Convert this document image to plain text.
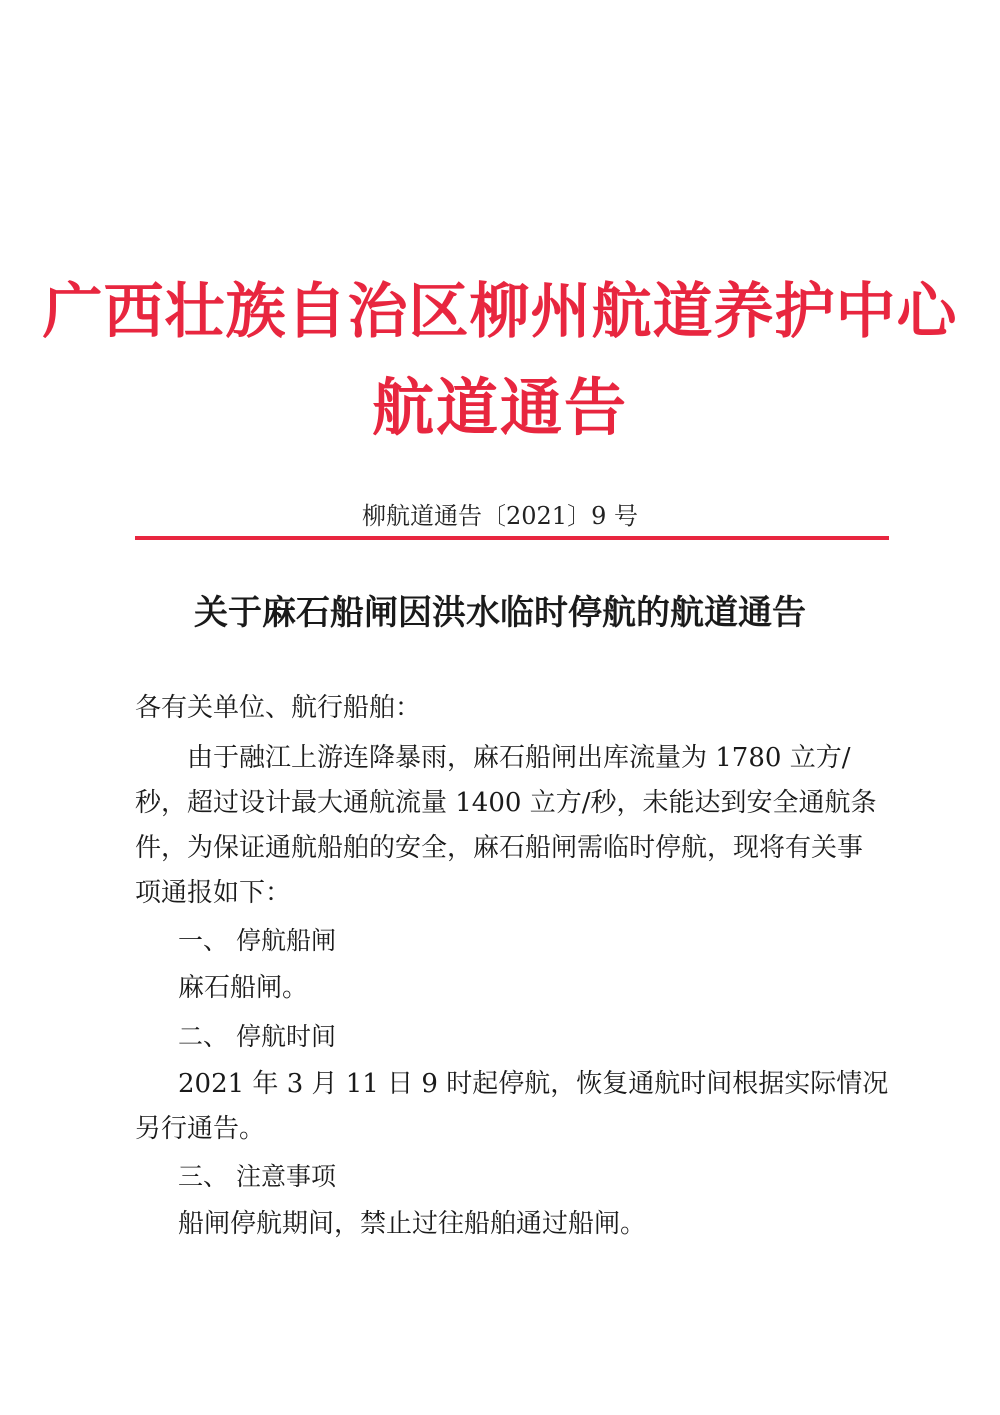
广西壮族自治区柳州航道养护中心
航道通告
柳航道通告〔2021〕9 号
关于麻石船闸因洪水临时停航的航道通告
各有关单位、航行船舶：
由于融江上游连降暴雨，麻石船闸出库流量为 1780 立方/
秒，超过设计最大通航流量 1400 立方/秒，未能达到安全通航条
件，为保证通航船舶的安全，麻石船闸需临时停航，现将有关事
项通报如下：
一、 停航船闸
麻石船闸。
二、 停航时间
2021 年 3 月 11 日 9 时起停航，恢复通航时间根据实际情况
另行通告。
三、 注意事项
船闸停航期间，禁止过往船舶通过船闸。
